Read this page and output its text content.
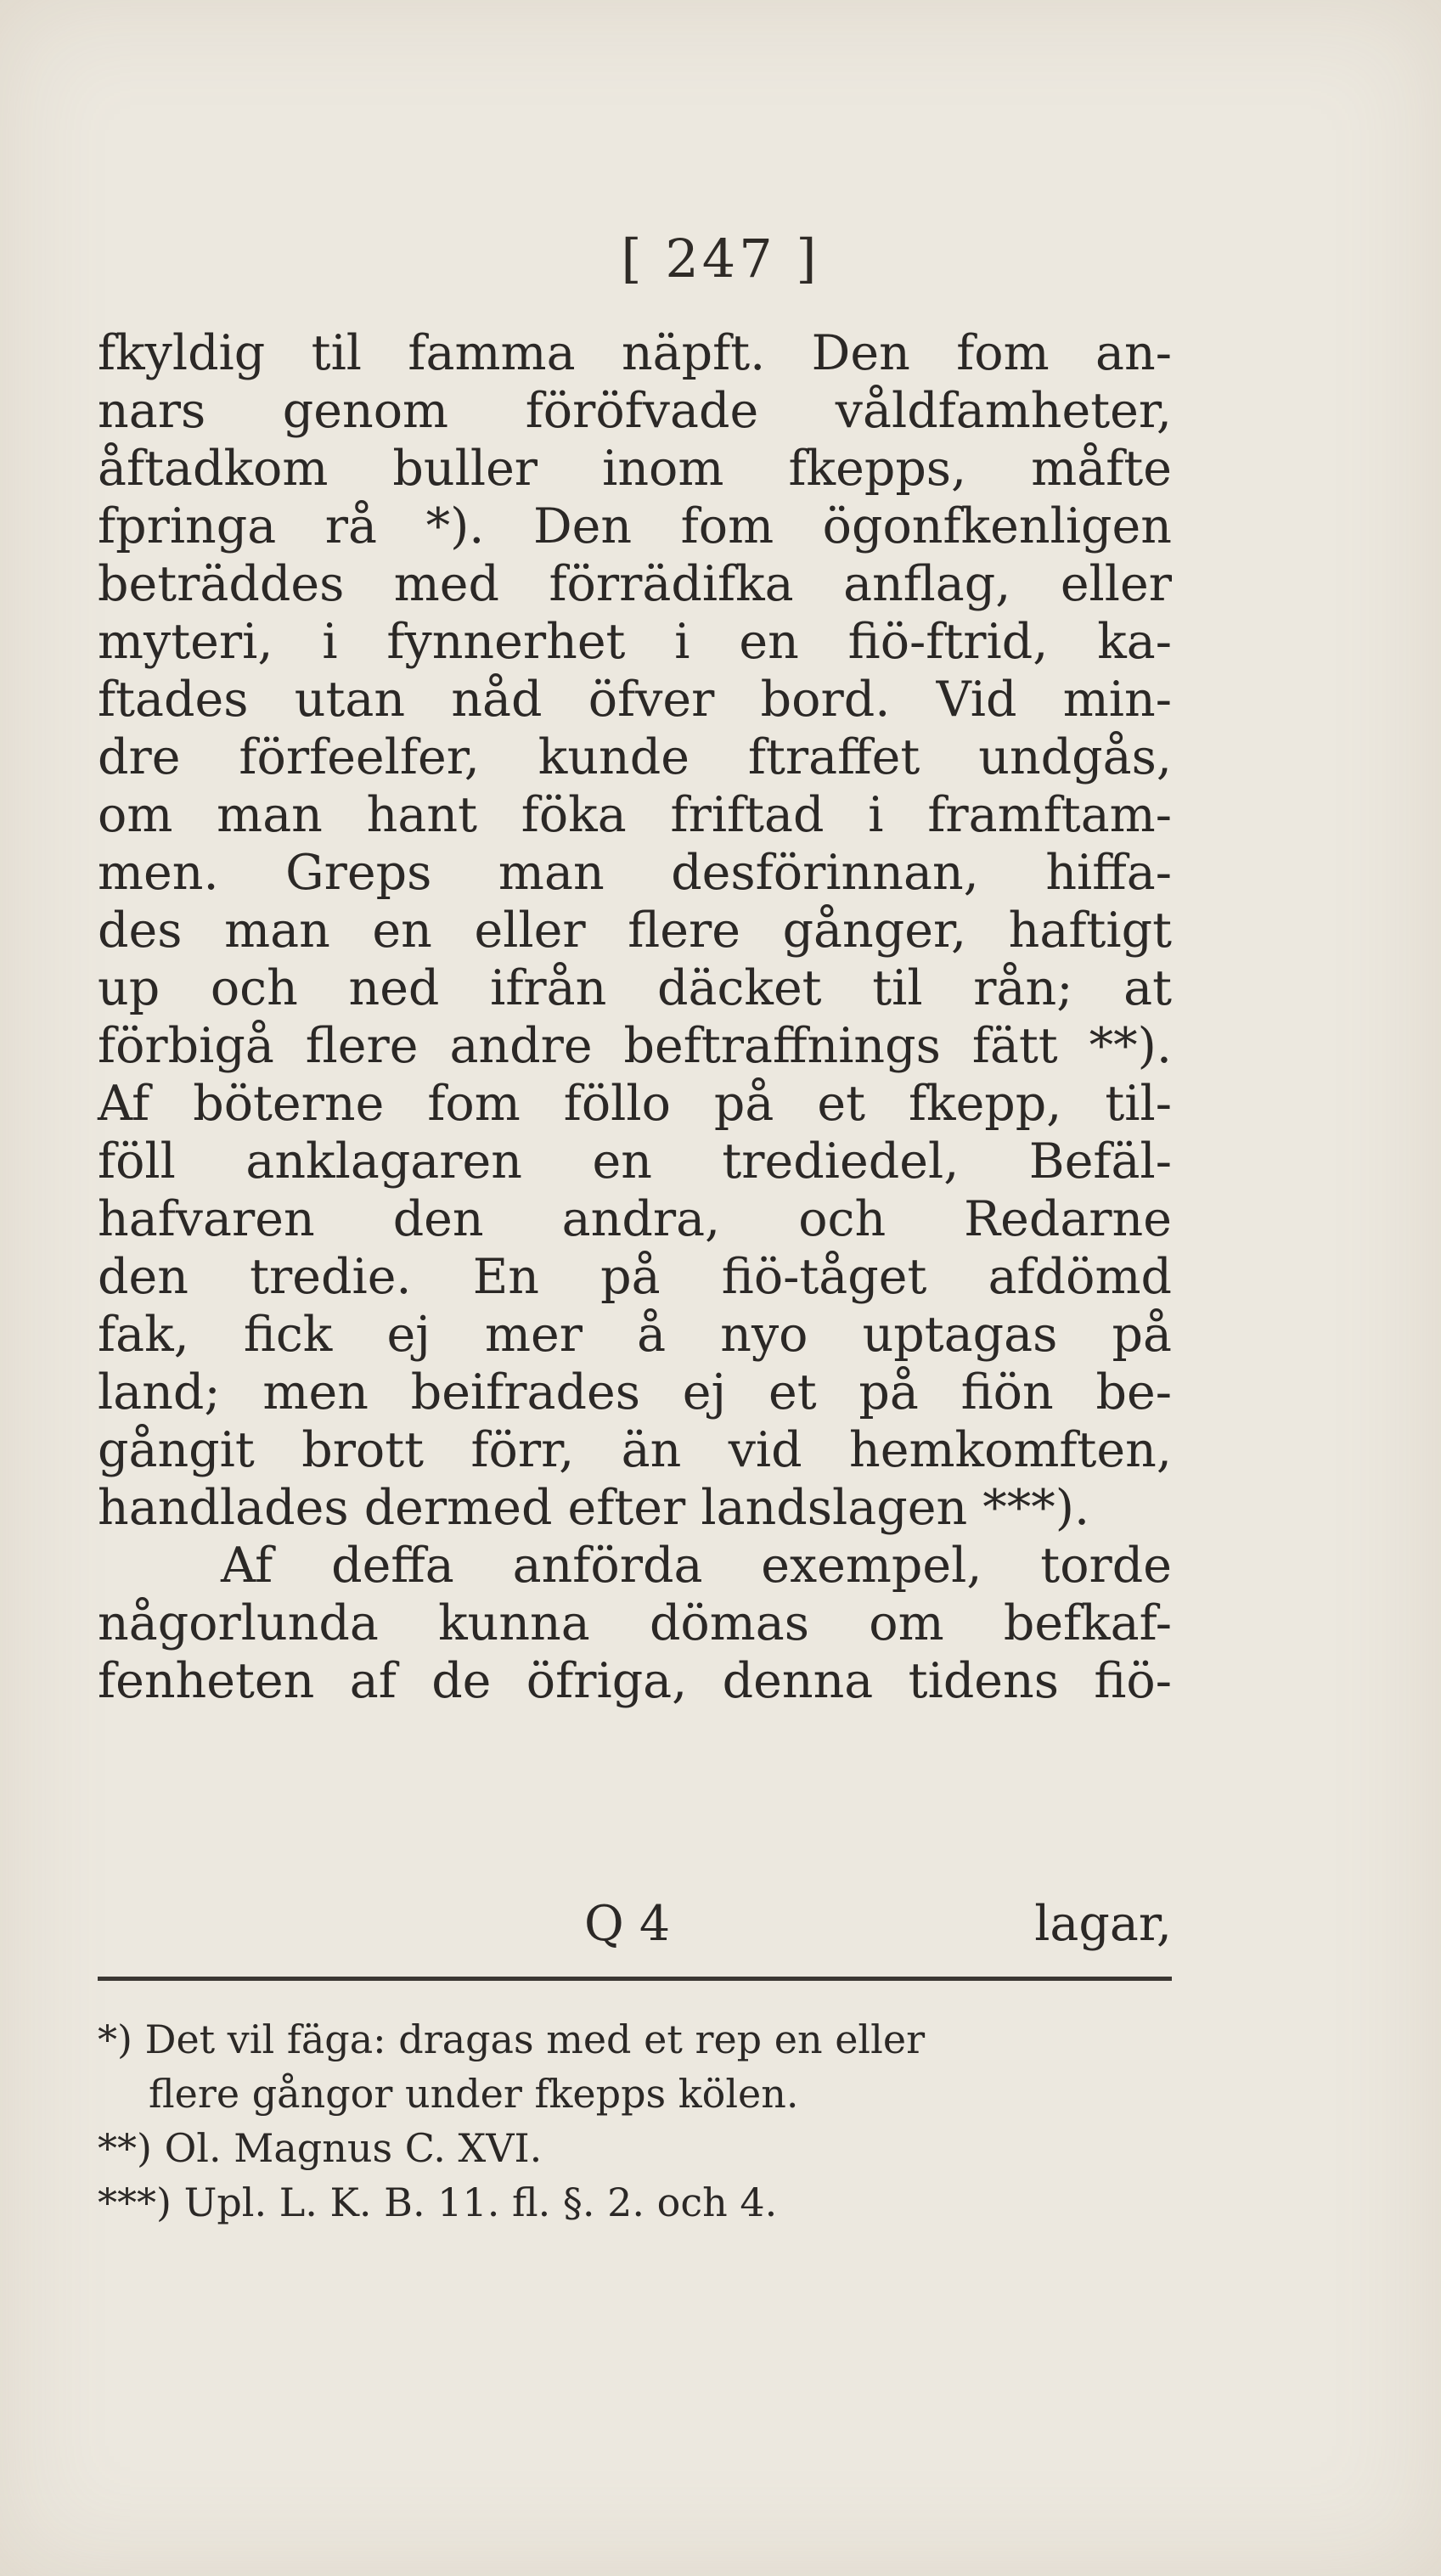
[ 247 ]
fkyldig til famma näpft. Den fom an-
nars genom föröfvade våldfamheter,
åftadkom buller inom fkepps, måfte
fpringa rå *). Den fom ögonfkenligen
beträddes med förrädifka anflag, eller
myteri, i fynnerhet i en fiö-ftrid, ka-
ftades utan nåd öfver bord. Vid min-
dre förfeelfer, kunde ftraffet undgås,
om man hant föka friftad i framftam-
men. Greps man desförinnan, hiffa-
des man en eller flere gånger, haftigt
up och ned ifrån däcket til rån; at
förbigå flere andre beftraffnings fätt **).
Af böterne fom föllo på et fkepp, til-
föll anklagaren en trediedel, Befäl-
hafvaren den andra, och Redarne
den tredie. En på fiö-tåget afdömd
fak, fick ej mer å nyo uptagas på
land; men beifrades ej et på fiön be-
gångit brott förr, än vid hemkomften,
handlades dermed efter landslagen ***).
Af deffa anförda exempel, torde
någorlunda kunna dömas om befkaf-
fenheten af de öfriga, denna tidens fiö-
Q 4	lagar,
*) Det vil fäga: dragas med et rep en eller
flere gångor under fkepps kölen.
**) Ol. Magnus C. XVI.
***) Upl. L. K. B. 11. fl. §. 2. och 4.
